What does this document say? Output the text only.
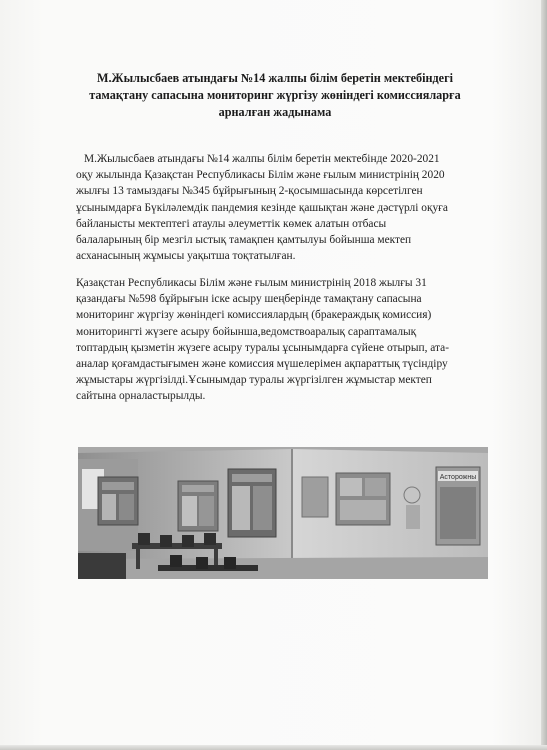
М.Жылысбаев атындағы №14 жалпы білім беретін мектебіндегі
тамақтану сапасына мониторинг жүргізу жөніндегі комиссияларға
арналған жадынама
М.Жылысбаев атындағы №14 жалпы білім беретін мектебінде 2020-2021
оқу жылында Қазақстан Республикасы Білім және ғылым министрінің 2020
жылғы 13 тамыздағы №345 бұйрығының 2-қосымшасында көрсетілген
ұсынымдарға Бүкіләлемдік пандемия кезінде қашықтан және дәстүрлі оқуға
байланысты мектептегі атаулы әлеуметтік көмек алатын отбасы
балаларының бір мезгіл ыстық тамақпен қамтылуы бойынша мектеп
асханасының жұмысы уақытша тоқтатылған.
Қазақстан Республикасы Білім және ғылым министрінің 2018 жылғы 31
қазандағы №598 бұйрығын іске асыру шеңберінде тамақтану сапасына
мониторинг жүргізу жөніндегі комиссиялардың (бракераждық комиссия)
мониторингті жүзеге асыру бойынша,ведомствоаралық сараптамалық
топтардың қызметін жүзеге асыру туралы ұсынымдарға сүйене отырып, ата-
аналар қоғамдастығымен және комиссия мүшелерімен ақпараттық түсіндіру
жұмыстары жүргізілді.Ұсынымдар туралы жүргізілген жұмыстар мектеп
сайтына орналастырылды.
Асторожны
